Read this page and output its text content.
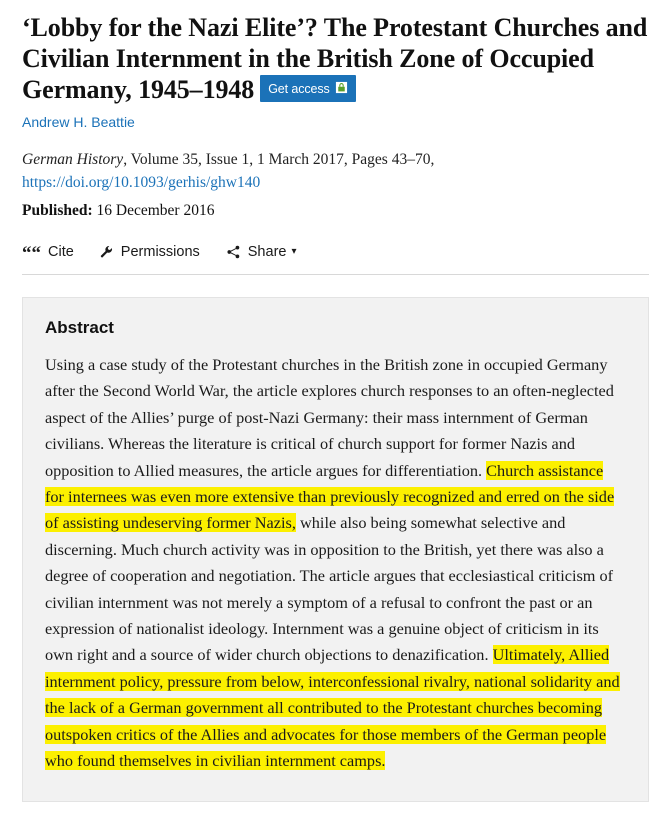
‘Lobby for the Nazi Elite’? The Protestant Churches and Civilian Internment in the British Zone of Occupied Germany, 1945–1948 Get access
Andrew H. Beattie
German History, Volume 35, Issue 1, 1 March 2017, Pages 43–70,
https://doi.org/10.1093/gerhis/ghw140
Published: 16 December 2016
““ Cite	Permissions	Share ▾
Abstract

Using a case study of the Protestant churches in the British zone in occupied Germany after the Second World War, the article explores church responses to an often‐neglected aspect of the Allies’ purge of post‐Nazi Germany: their mass internment of German civilians. Whereas the literature is critical of church support for former Nazis and opposition to Allied measures, the article argues for differentiation. Church assistance for internees was even more extensive than previously recognized and erred on the side of assisting undeserving former Nazis, while also being somewhat selective and discerning. Much church activity was in opposition to the British, yet there was also a degree of cooperation and negotiation. The article argues that ecclesiastical criticism of civilian internment was not merely a symptom of a refusal to confront the past or an expression of nationalist ideology. Internment was a genuine object of criticism in its own right and a source of wider church objections to denazification. Ultimately, Allied internment policy, pressure from below, interconfessional rivalry, national solidarity and the lack of a German government all contributed to the Protestant churches becoming outspoken critics of the Allies and advocates for those members of the German people who found themselves in civilian internment camps.
